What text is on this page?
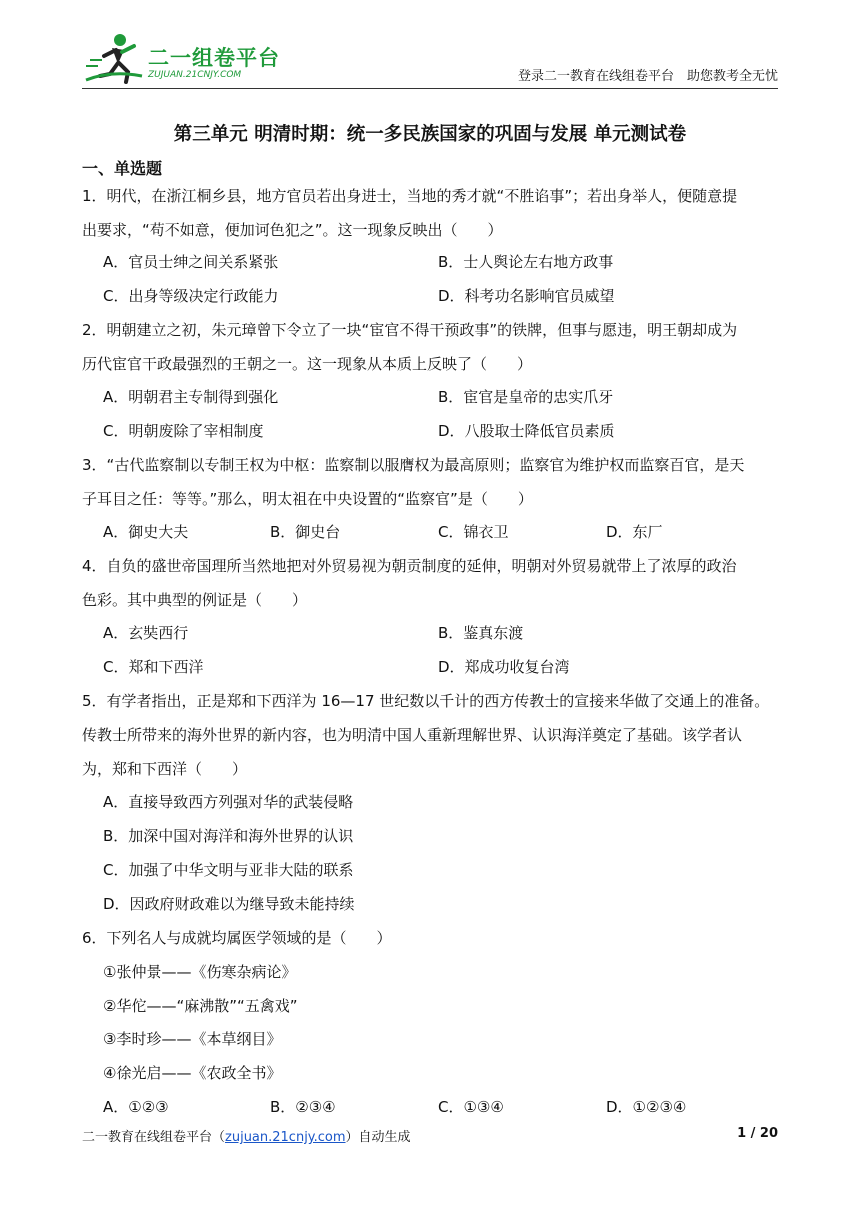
二一组卷平台
ZUJUAN.21CNJY.COM	登录二一教育在线组卷平台　助您教考全无忧
第三单元 明清时期：统一多民族国家的巩固与发展 单元测试卷
一、单选题
1．明代，在浙江桐乡县，地方官员若出身进士，当地的秀才就“不胜谄事”；若出身举人，便随意提
出要求，“苟不如意，便加诃色犯之”。这一现象反映出（　　）
A．官员士绅之间关系紧张	B．士人舆论左右地方政事
C．出身等级决定行政能力	D．科考功名影响官员威望
2．明朝建立之初，朱元璋曾下令立了一块“宦官不得干预政事”的铁牌，但事与愿违，明王朝却成为
历代宦官干政最强烈的王朝之一。这一现象从本质上反映了（　　）
A．明朝君主专制得到强化	B．宦官是皇帝的忠实爪牙
C．明朝废除了宰相制度	D．八股取士降低官员素质
3．“古代监察制以专制王权为中枢：监察制以服膺权为最高原则；监察官为维护权而监察百官，是天
子耳目之任：等等。”那么，明太祖在中央设置的“监察官”是（　　）
A．御史大夫	B．御史台	C．锦衣卫	D．东厂
4．自负的盛世帝国理所当然地把对外贸易视为朝贡制度的延伸，明朝对外贸易就带上了浓厚的政治
色彩。其中典型的例证是（　　）
A．玄奘西行	B．鉴真东渡
C．郑和下西洋	D．郑成功收复台湾
5．有学者指出，正是郑和下西洋为 16—17 世纪数以千计的西方传教士的宣接来华做了交通上的准备。
传教士所带来的海外世界的新内容，也为明清中国人重新理解世界、认识海洋奠定了基础。该学者认
为，郑和下西洋（　　）
A．直接导致西方列强对华的武装侵略
B．加深中国对海洋和海外世界的认识
C．加强了中华文明与亚非大陆的联系
D．因政府财政难以为继导致未能持续
6．下列名人与成就均属医学领域的是（　　）
①张仲景——《伤寒杂病论》
②华佗——“麻沸散”“五禽戏”
③李时珍——《本草纲目》
④徐光启——《农政全书》
A．①②③	B．②③④	C．①③④	D．①②③④
二一教育在线组卷平台（zujuan.21cnjy.com）自动生成	1 / 20
